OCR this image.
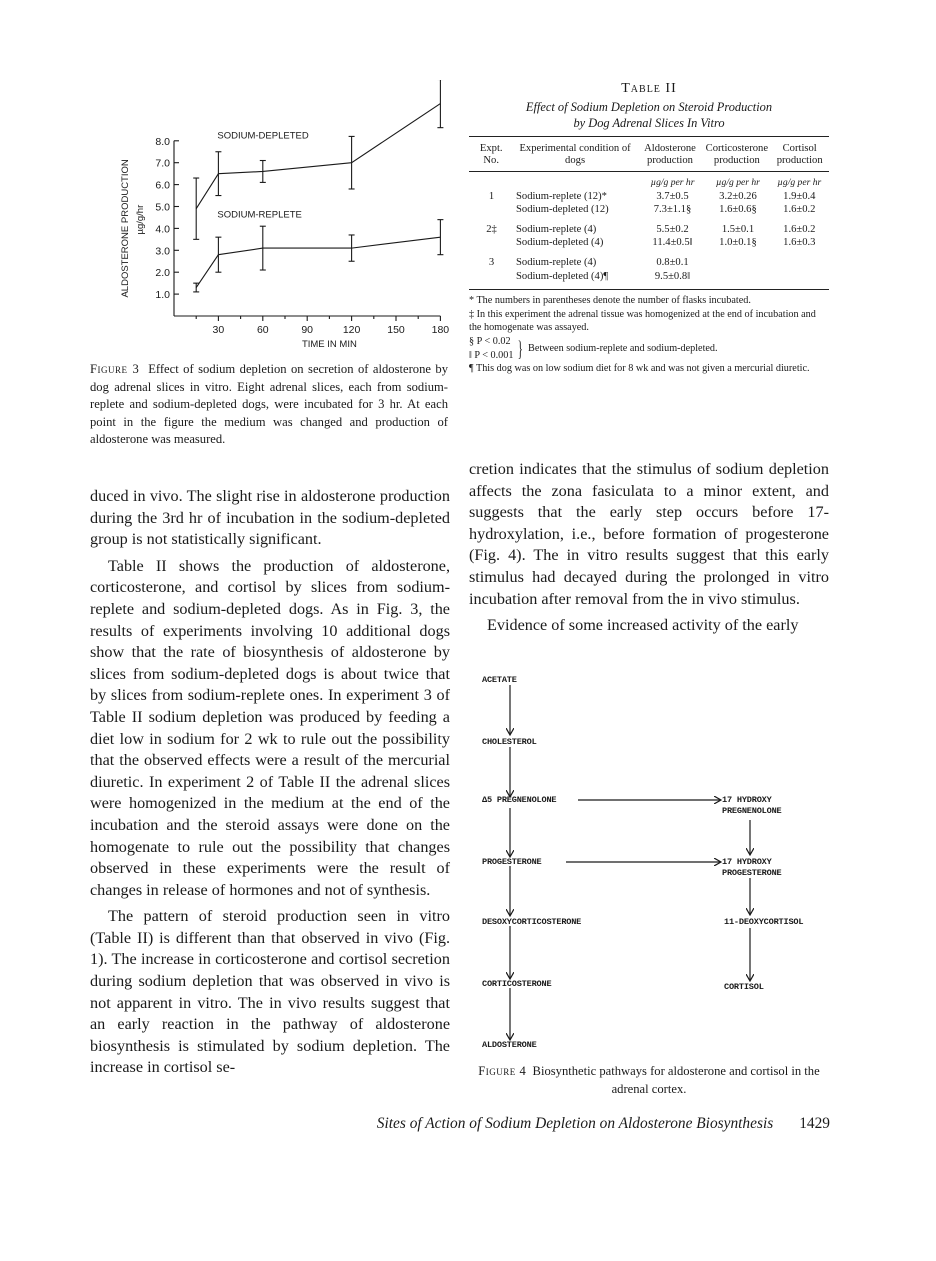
1.0
2.0
3.0
4.0
5.0
6.0
7.0
8.0
30	60	90	120	150	180
TIME IN MIN
ALDOSTERONE PRODUCTION µg/g/hr
SODIUM-DEPLETED
SODIUM-REPLETE
Figure 3 Effect of sodium depletion on secretion of aldosterone by dog adrenal slices in vitro. Eight adrenal slices, each from sodium-replete and sodium-depleted dogs, were incubated for 3 hr. At each point in the figure the medium was changed and production of aldosterone was measured.
Table II
Effect of Sodium Depletion on Steroid Production
by Dog Adrenal Slices In Vitro
Expt. No.	Experimental condition of dogs	Aldosterone production	Corticosterone production	Cortisol production
		µg/g per hr	µg/g per hr	µg/g per hr
1	Sodium-replete (12)*	3.7±0.5	3.2±0.26	1.9±0.4
	Sodium-depleted (12)	7.3±1.1§	1.6±0.6§	1.6±0.2

2‡	Sodium-replete (4)	5.5±0.2	1.5±0.1	1.6±0.2
	Sodium-depleted (4)	11.4±0.5‖	1.0±0.1§	1.6±0.3

3	Sodium-replete (4)	0.8±0.1		
	Sodium-depleted (4)¶	9.5±0.8‖		
* The numbers in parentheses denote the number of flasks incubated.
‡ In this experiment the adrenal tissue was homogenized at the end of incubation and the homogenate was assayed.
§ P < 0.02
‖ P < 0.001 } Between sodium-replete and sodium-depleted.
¶ This dog was on low sodium diet for 8 wk and was not given a mercurial diuretic.

duced in vivo. The slight rise in aldosterone production during the 3rd hr of incubation in the sodium-depleted group is not statistically significant.

Table II shows the production of aldosterone, corticosterone, and cortisol by slices from sodium-replete and sodium-depleted dogs. As in Fig. 3, the results of experiments involving 10 additional dogs show that the rate of biosynthesis of aldosterone by slices from sodium-depleted dogs is about twice that by slices from sodium-replete ones. In experiment 3 of Table II sodium depletion was produced by feeding a diet low in sodium for 2 wk to rule out the possibility that the observed effects were a result of the mercurial diuretic. In experiment 2 of Table II the adrenal slices were homogenized in the medium at the end of the incubation and the steroid assays were done on the homogenate to rule out the possibility that changes observed in these experiments were the result of changes in release of hormones and not of synthesis.

The pattern of steroid production seen in vitro (Table II) is different than that observed in vivo (Fig. 1). The increase in corticosterone and cortisol secretion during sodium depletion that was observed in vivo is not apparent in vitro. The in vivo results suggest that an early reaction in the pathway of aldosterone biosynthesis is stimulated by sodium depletion. The increase in cortisol se-

cretion indicates that the stimulus of sodium depletion affects the zona fasiculata to a minor extent, and suggests that the early step occurs before 17-hydroxylation, i.e., before formation of progesterone (Fig. 4). The in vitro results suggest that this early stimulus had decayed during the prolonged in vitro incubation after removal from the in vivo stimulus.

Evidence of some increased activity of the early

ACETATE
CHOLESTEROL
Δ5 PREGNENOLONE	17 HYDROXY
PREGNENOLONE
PROGESTERONE	17 HYDROXY
PROGESTERONE
DESOXYCORTICOSTERONE	11-DEOXYCORTISOL
CORTICOSTERONE	CORTISOL
ALDOSTERONE
Figure 4 Biosynthetic pathways for aldosterone and cortisol in the adrenal cortex.
Sites of Action of Sodium Depletion on Aldosterone Biosynthesis 1429
